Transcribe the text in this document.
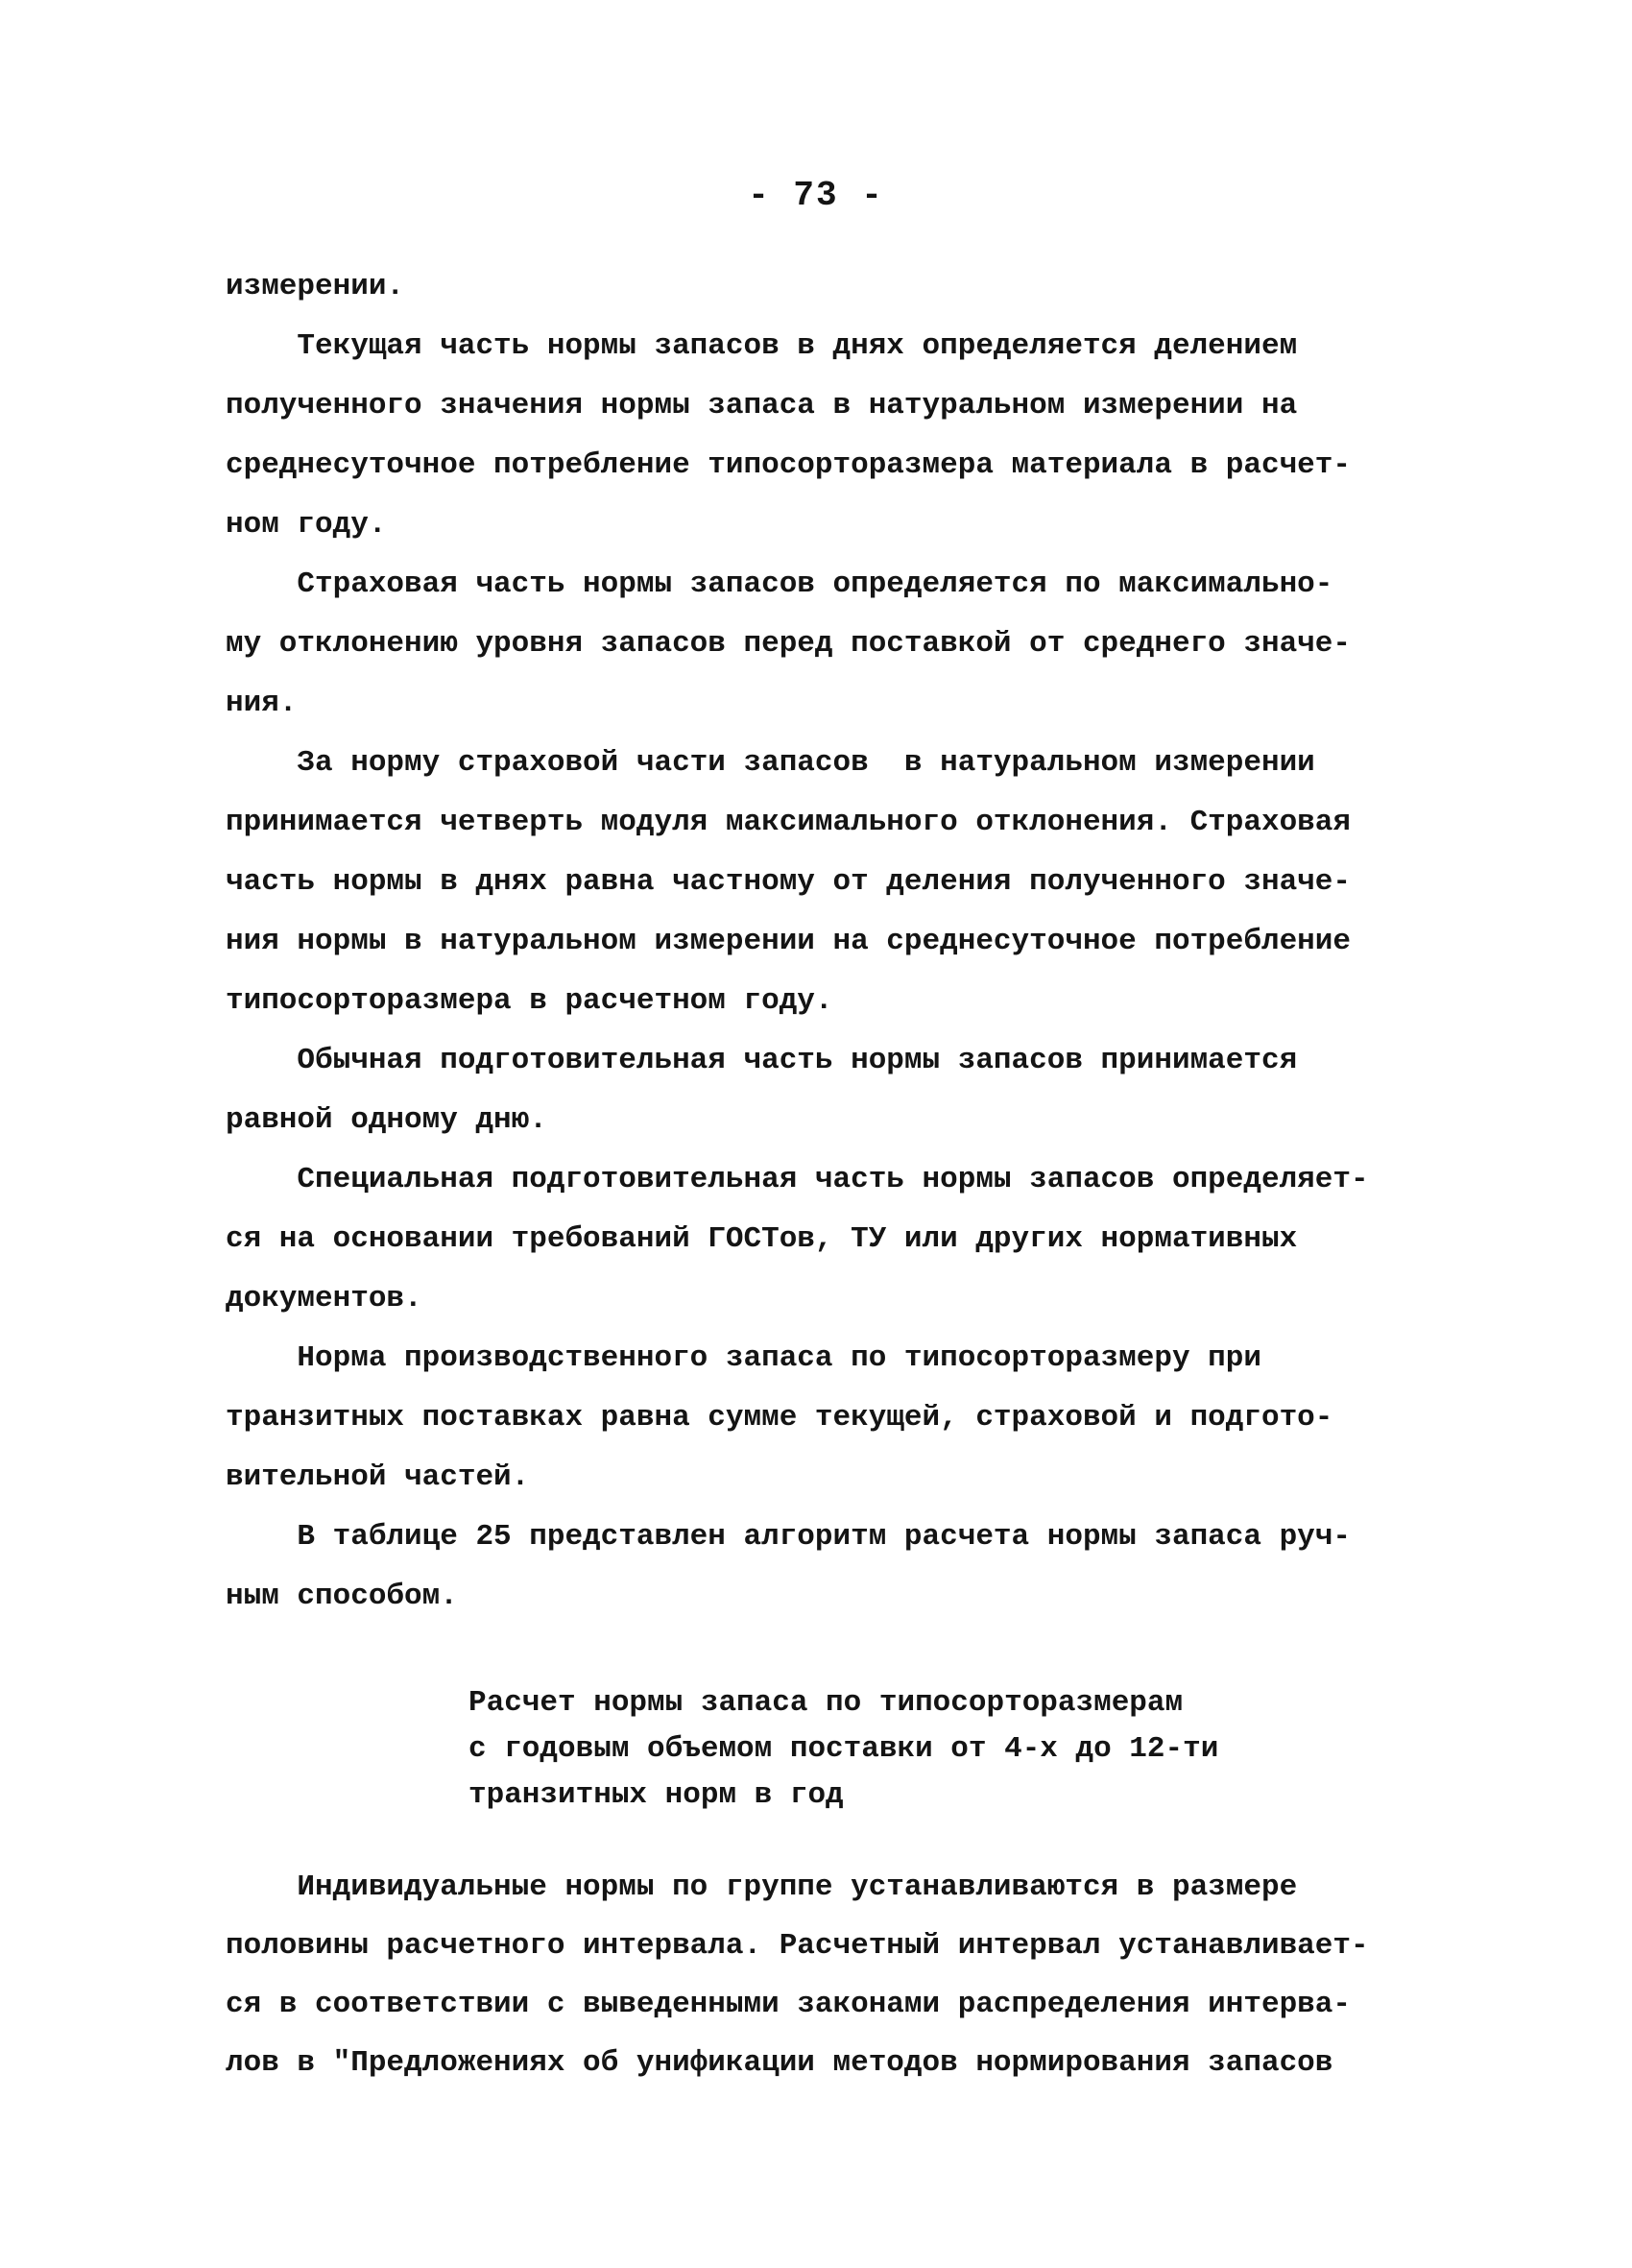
- 73 -
измерении.
Текущая часть нормы запасов в днях определяется делением
полученного значения нормы запаса в натуральном измерении на
среднесуточное потребление типосорторазмера материала в расчет-
ном году.
Страховая часть нормы запасов определяется по максимально-
му отклонению уровня запасов перед поставкой от среднего значе-
ния.
За норму страховой части запасов  в натуральном измерении
принимается четверть модуля максимального отклонения. Страховая
часть нормы в днях равна частному от деления полученного значе-
ния нормы в натуральном измерении на среднесуточное потребление
типосорторазмера в расчетном году.
Обычная подготовительная часть нормы запасов принимается
равной одному дню.
Специальная подготовительная часть нормы запасов определяет-
ся на основании требований ГОСТов, ТУ или других нормативных
документов.
Норма производственного запаса по типосорторазмеру при
транзитных поставках равна сумме текущей, страховой и подгото-
вительной частей.
В таблице 25 представлен алгоритм расчета нормы запаса руч-
ным способом.
Расчет нормы запаса по типосорторазмерам
с годовым объемом поставки от 4-х до 12-ти
транзитных норм в год
Индивидуальные нормы по группе устанавливаются в размере
половины расчетного интервала. Расчетный интервал устанавливает-
ся в соответствии с выведенными законами распределения интерва-
лов в "Предложениях об унификации методов нормирования запасов
